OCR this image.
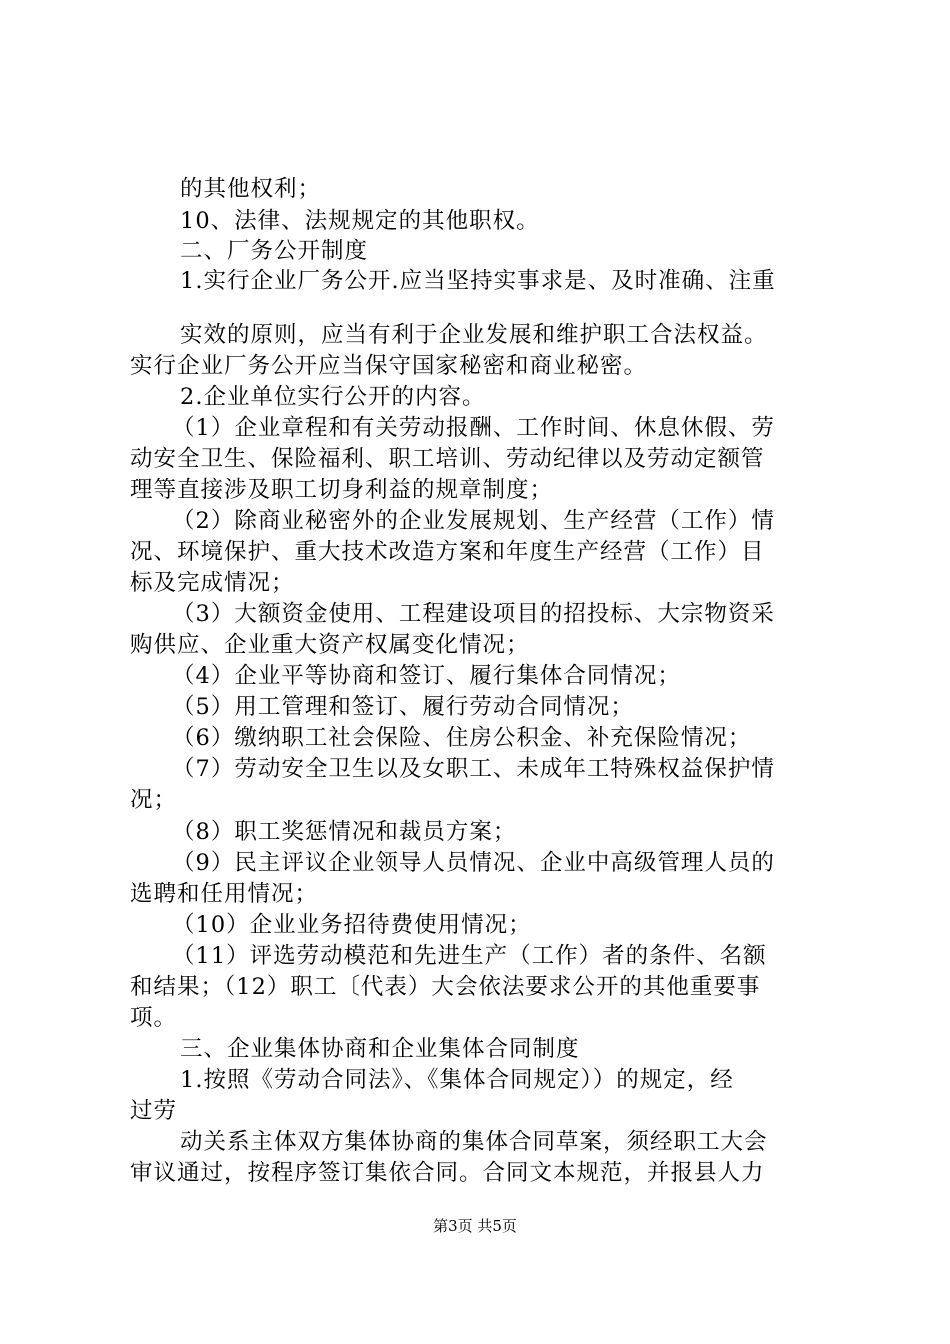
的其他权利；
10、法律、法规规定的其他职权。
二、厂务公开制度
1.实行企业厂务公开.应当坚持实事求是、及时准确、注重
实效的原则，应当有利于企业发展和维护职工合法权益。
实行企业厂务公开应当保守国家秘密和商业秘密。
2.企业单位实行公开的内容。
（1）企业章程和有关劳动报酬、工作时间、休息休假、劳
动安全卫生、保险福利、职工培训、劳动纪律以及劳动定额管
理等直接涉及职工切身利益的规章制度；
（2）除商业秘密外的企业发展规划、生产经营（工作）情
况、环境保护、重大技术改造方案和年度生产经营（工作）目
标及完成情况；
（3）大额资金使用、工程建设项目的招投标、大宗物资采
购供应、企业重大资产权属变化情况；
（4）企业平等协商和签订、履行集体合同情况；
（5）用工管理和签订、履行劳动合同情况；
（6）缴纳职工社会保险、住房公积金、补充保险情况；
（7）劳动安全卫生以及女职工、未成年工特殊权益保护情
况；
（8）职工奖惩情况和裁员方案；
（9）民主评议企业领导人员情况、企业中高级管理人员的
选聘和任用情况；
（10）企业业务招待费使用情况；
（11）评选劳动模范和先进生产（工作）者的条件、名额
和结果；（12）职工〔代表）大会依法要求公开的其他重要事
项。
三、企业集体协商和企业集体合同制度
1.按照《劳动合同法》、《集体合同规定））的规定，经
过劳
动关系主体双方集体协商的集体合同草案，须经职工大会
审议通过，按程序签订集依合同。合同文本规范，并报县人力
第3页 共5页
